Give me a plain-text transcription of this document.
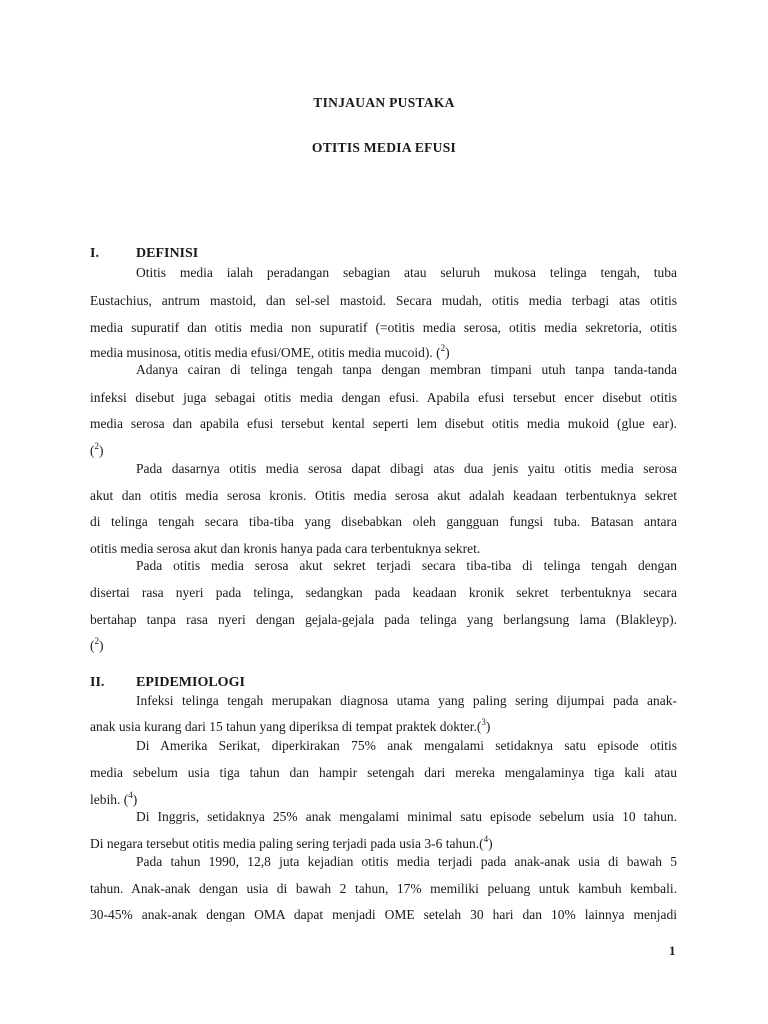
TINJAUAN PUSTAKA
OTITIS MEDIA EFUSI
I.	DEFINISI
Otitis media ialah peradangan sebagian atau seluruh mukosa telinga tengah, tuba
Eustachius, antrum mastoid, dan sel-sel mastoid. Secara mudah, otitis media terbagi atas otitis
media supuratif dan otitis media non supuratif (=otitis media serosa, otitis media sekretoria, otitis
media musinosa, otitis media efusi/OME, otitis media mucoid). ($^2$)
Adanya cairan di telinga tengah tanpa dengan membran timpani utuh tanpa tanda-tanda
infeksi disebut juga sebagai otitis media dengan efusi. Apabila efusi tersebut encer disebut otitis
media serosa dan apabila efusi tersebut kental seperti lem disebut otitis media mukoid (glue ear).
($^2$)
Pada dasarnya otitis media serosa dapat dibagi atas dua jenis yaitu otitis media serosa
akut dan otitis media serosa kronis. Otitis media serosa akut adalah keadaan terbentuknya sekret
di telinga tengah secara tiba-tiba yang disebabkan oleh gangguan fungsi tuba. Batasan antara
otitis media serosa akut dan kronis hanya pada cara terbentuknya sekret.
Pada otitis media serosa akut sekret terjadi secara tiba-tiba di telinga tengah dengan
disertai rasa nyeri pada telinga, sedangkan pada keadaan kronik sekret terbentuknya secara
bertahap tanpa rasa nyeri dengan gejala-gejala pada telinga yang berlangsung lama (Blakleyp).
($^2$)
II. EPIDEMIOLOGI
Infeksi telinga tengah merupakan diagnosa utama yang paling sering dijumpai pada anak-
anak usia kurang dari 15 tahun yang diperiksa di tempat praktek dokter.($^3$)
Di Amerika Serikat, diperkirakan 75% anak mengalami setidaknya satu episode otitis
media sebelum usia tiga tahun dan hampir setengah dari mereka mengalaminya tiga kali atau
lebih. ($^4$)
Di Inggris, setidaknya 25% anak mengalami minimal satu episode sebelum usia 10 tahun.
Di negara tersebut otitis media paling sering terjadi pada usia 3-6 tahun.($^4$)
Pada tahun 1990, 12,8 juta kejadian otitis media terjadi pada anak-anak usia di bawah 5
tahun. Anak-anak dengan usia di bawah 2 tahun, 17% memiliki peluang untuk kambuh kembali.
30-45% anak-anak dengan OMA dapat menjadi OME setelah 30 hari dan 10% lainnya menjadi
1
